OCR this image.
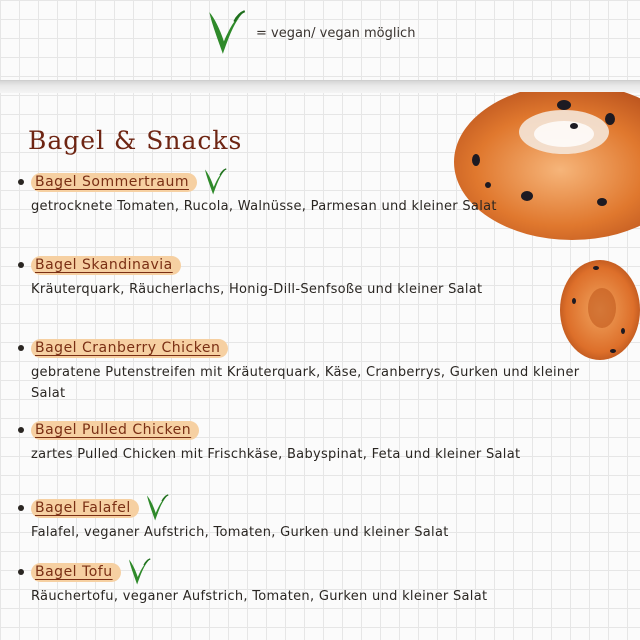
= vegan/ vegan möglich
Bagel & Snacks
Bagel Sommertraum

getrocknete Tomaten, Rucola, Walnüsse, Parmesan und kleiner Salat

Bagel Skandinavia

Kräuterquark, Räucherlachs, Honig-Dill-Senfsoße und kleiner Salat

Bagel Cranberry Chicken

gebratene Putenstreifen mit Kräuterquark, Käse, Cranberrys, Gurken und kleiner Salat

Bagel Pulled Chicken

zartes Pulled Chicken mit Frischkäse, Babyspinat, Feta und kleiner Salat

Bagel Falafel

Falafel, veganer Aufstrich, Tomaten, Gurken und kleiner Salat

Bagel Tofu

Räuchertofu, veganer Aufstrich, Tomaten, Gurken und kleiner Salat
